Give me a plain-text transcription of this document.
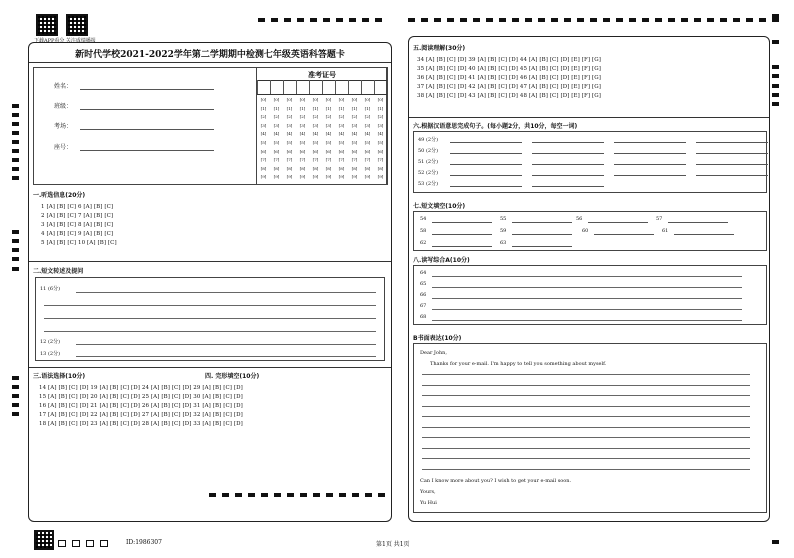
下载APP看分 关注成绩播报
新时代学校2021-2022学年第二学期期中检测七年级英语科答题卡
姓名：
班级：
考场：
座号：
准考证号
[0]
[1]
[2]
[3]
[4]
[5]
[6]
[7]
[8]
[9]
[0]
[1]
[2]
[3]
[4]
[5]
[6]
[7]
[8]
[9]
[0]
[1]
[2]
[3]
[4]
[5]
[6]
[7]
[8]
[9]
[0]
[1]
[2]
[3]
[4]
[5]
[6]
[7]
[8]
[9]
[0]
[1]
[2]
[3]
[4]
[5]
[6]
[7]
[8]
[9]
[0]
[1]
[2]
[3]
[4]
[5]
[6]
[7]
[8]
[9]
[0]
[1]
[2]
[3]
[4]
[5]
[6]
[7]
[8]
[9]
[0]
[1]
[2]
[3]
[4]
[5]
[6]
[7]
[8]
[9]
[0]
[1]
[2]
[3]
[4]
[5]
[6]
[7]
[8]
[9]
[0]
[1]
[2]
[3]
[4]
[5]
[6]
[7]
[8]
[9]
一.听选信息(20分)
1 [A] [B] [C] 6 [A] [B] [C]
2 [A] [B] [C] 7 [A] [B] [C]
3 [A] [B] [C] 8 [A] [B] [C]
4 [A] [B] [C] 9 [A] [B] [C]
5 [A] [B] [C] 10 [A] [B] [C]
二.短文转述及提问
11 (6分)
12 (2分)
13 (2分)
三.语法选择(10分)	四. 完形填空(10分)
14 [A] [B] [C] [D] 19 [A] [B] [C] [D] 24 [A] [B] [C] [D] 29 [A] [B] [C] [D]
15 [A] [B] [C] [D] 20 [A] [B] [C] [D] 25 [A] [B] [C] [D] 30 [A] [B] [C] [D]
16 [A] [B] [C] [D] 21 [A] [B] [C] [D] 26 [A] [B] [C] [D] 31 [A] [B] [C] [D]
17 [A] [B] [C] [D] 22 [A] [B] [C] [D] 27 [A] [B] [C] [D] 32 [A] [B] [C] [D]
18 [A] [B] [C] [D] 23 [A] [B] [C] [D] 28 [A] [B] [C] [D] 33 [A] [B] [C] [D]
五.阅读理解(30分)
34 [A] [B] [C] [D] 39 [A] [B] [C] [D] 44 [A] [B] [C] [D] [E] [F] [G]
35 [A] [B] [C] [D] 40 [A] [B] [C] [D] 45 [A] [B] [C] [D] [E] [F] [G]
36 [A] [B] [C] [D] 41 [A] [B] [C] [D] 46 [A] [B] [C] [D] [E] [F] [G]
37 [A] [B] [C] [D] 42 [A] [B] [C] [D] 47 [A] [B] [C] [D] [E] [F] [G]
38 [A] [B] [C] [D] 43 [A] [B] [C] [D] 48 [A] [B] [C] [D] [E] [F] [G]
六.根据汉语意思完成句子。(每小题2分，共10分，每空一词)
49 (2分)
50 (2分)
51 (2分)
52 (2分)
53 (2分)
七.短文填空(10分)
54	55	56	57
58	59	60	61
62	63
八.读写综合A(10分)
64
65
66
67
68
B书面表达(10分)
Dear John,
Thanks for your e-mail. I'm happy to tell you something about myself.
Can I know more about you? I wish to get your e-mail soon.
Yours,
Yu Hui
ID:1986307	第1页 共1页
